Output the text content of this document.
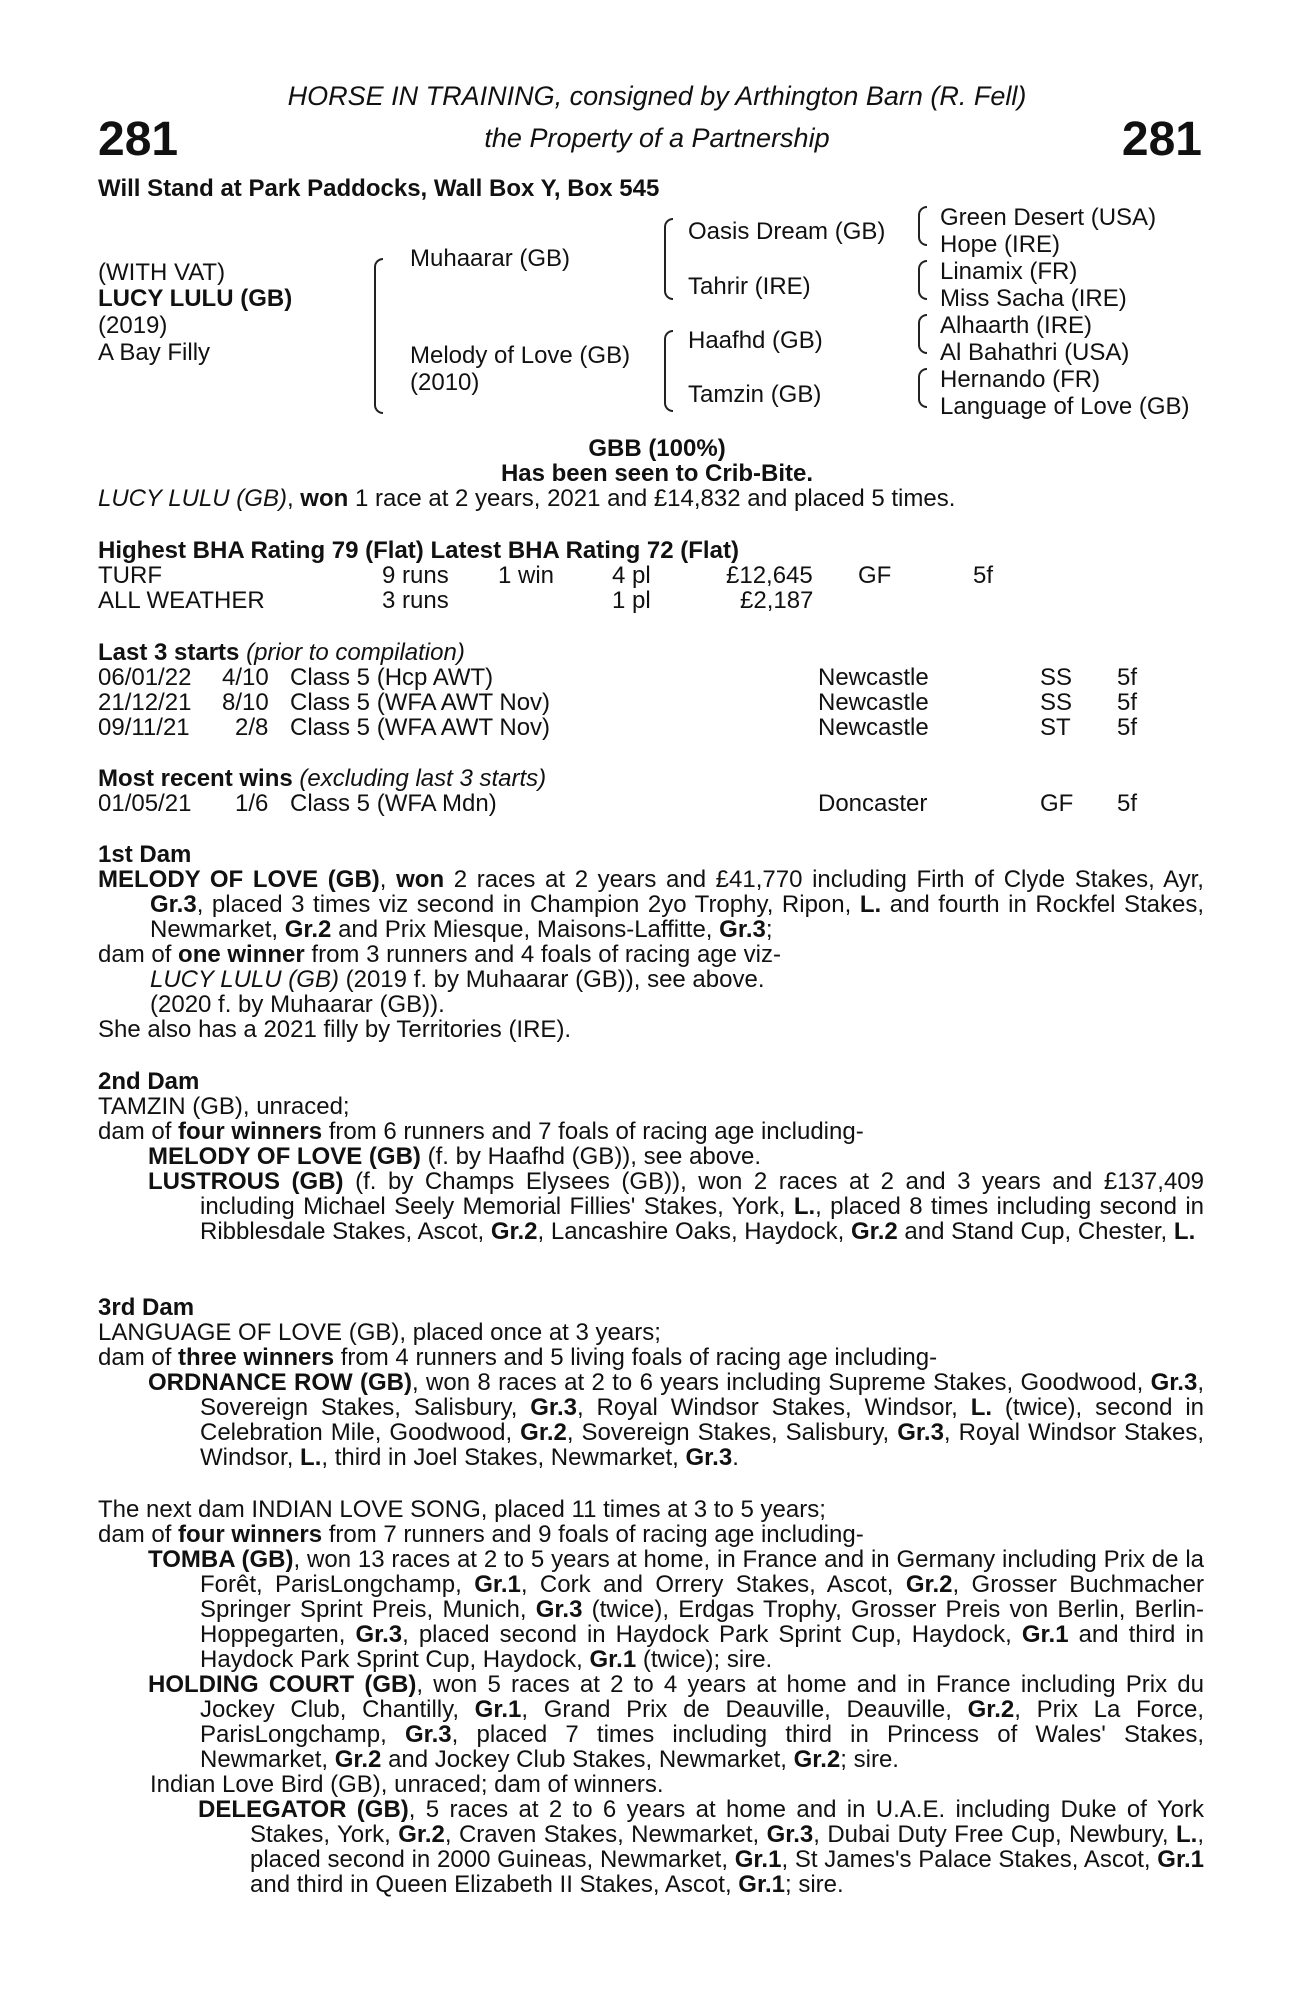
281	281
HORSE IN TRAINING, consigned by Arthington Barn (R. Fell)
the Property of a Partnership
Will Stand at Park Paddocks, Wall Box Y, Box 545
(WITH VAT)
LUCY LULU (GB)
(2019)
A Bay Filly
Muhaarar (GB)
Melody of Love (GB)
(2010)
Oasis Dream (GB)
Tahrir (IRE)
Haafhd (GB)
Tamzin (GB)
Green Desert (USA)
Hope (IRE)
Linamix (FR)
Miss Sacha (IRE)
Alhaarth (IRE)
Al Bahathri (USA)
Hernando (FR)
Language of Love (GB)
GBB (100%)
Has been seen to Crib-Bite.
LUCY LULU (GB), won 1 race at 2 years, 2021 and £14,832 and placed 5 times.
Highest BHA Rating 79 (Flat) Latest BHA Rating 72 (Flat)
TURF	9 runs 1 win 4 pl	£12,645 GF	5f
ALL WEATHER	3 runs	1 pl	£2,187
Last 3 starts (prior to compilation)
06/01/22 4/10 Class 5 (Hcp AWT)	Newcastle	SS 5f
21/12/21 8/10 Class 5 (WFA AWT Nov)	Newcastle	SS 5f
09/11/21 2/8 Class 5 (WFA AWT Nov)	Newcastle	ST 5f
Most recent wins (excluding last 3 starts)
01/05/21 1/6 Class 5 (WFA Mdn)	Doncaster	GF 5f

1st Dam

MELODY OF LOVE (GB), won 2 races at 2 years and £41,770 including Firth of Clyde Stakes, Ayr, Gr.3, placed 3 times viz second in Champion 2yo Trophy, Ripon, L. and fourth in Rockfel Stakes, Newmarket, Gr.2 and Prix Miesque, Maisons-Laffitte, Gr.3;

dam of one winner from 3 runners and 4 foals of racing age viz-

LUCY LULU (GB) (2019 f. by Muhaarar (GB)), see above.

(2020 f. by Muhaarar (GB)).

She also has a 2021 filly by Territories (IRE).

2nd Dam

TAMZIN (GB), unraced;

dam of four winners from 6 runners and 7 foals of racing age including-

MELODY OF LOVE (GB) (f. by Haafhd (GB)), see above.

LUSTROUS (GB) (f. by Champs Elysees (GB)), won 2 races at 2 and 3 years and £137,409 including Michael Seely Memorial Fillies' Stakes, York, L., placed 8 times including second in Ribblesdale Stakes, Ascot, Gr.2, Lancashire Oaks, Haydock, Gr.2 and Stand Cup, Chester, L.

3rd Dam

LANGUAGE OF LOVE (GB), placed once at 3 years;

dam of three winners from 4 runners and 5 living foals of racing age including-

ORDNANCE ROW (GB), won 8 races at 2 to 6 years including Supreme Stakes, Goodwood, Gr.3, Sovereign Stakes, Salisbury, Gr.3, Royal Windsor Stakes, Windsor, L. (twice), second in Celebration Mile, Goodwood, Gr.2, Sovereign Stakes, Salisbury, Gr.3, Royal Windsor Stakes, Windsor, L., third in Joel Stakes, Newmarket, Gr.3.

The next dam INDIAN LOVE SONG, placed 11 times at 3 to 5 years;

dam of four winners from 7 runners and 9 foals of racing age including-

TOMBA (GB), won 13 races at 2 to 5 years at home, in France and in Germany including Prix de la Forêt, ParisLongchamp, Gr.1, Cork and Orrery Stakes, Ascot, Gr.2, Grosser Buchmacher Springer Sprint Preis, Munich, Gr.3 (twice), Erdgas Trophy, Grosser Preis von Berlin, Berlin-Hoppegarten, Gr.3, placed second in Haydock Park Sprint Cup, Haydock, Gr.1 and third in Haydock Park Sprint Cup, Haydock, Gr.1 (twice); sire.

HOLDING COURT (GB), won 5 races at 2 to 4 years at home and in France including Prix du Jockey Club, Chantilly, Gr.1, Grand Prix de Deauville, Deauville, Gr.2, Prix La Force, ParisLongchamp, Gr.3, placed 7 times including third in Princess of Wales' Stakes, Newmarket, Gr.2 and Jockey Club Stakes, Newmarket, Gr.2; sire.

Indian Love Bird (GB), unraced; dam of winners.

DELEGATOR (GB), 5 races at 2 to 6 years at home and in U.A.E. including Duke of York Stakes, York, Gr.2, Craven Stakes, Newmarket, Gr.3, Dubai Duty Free Cup, Newbury, L., placed second in 2000 Guineas, Newmarket, Gr.1, St James's Palace Stakes, Ascot, Gr.1 and third in Queen Elizabeth II Stakes, Ascot, Gr.1; sire.
